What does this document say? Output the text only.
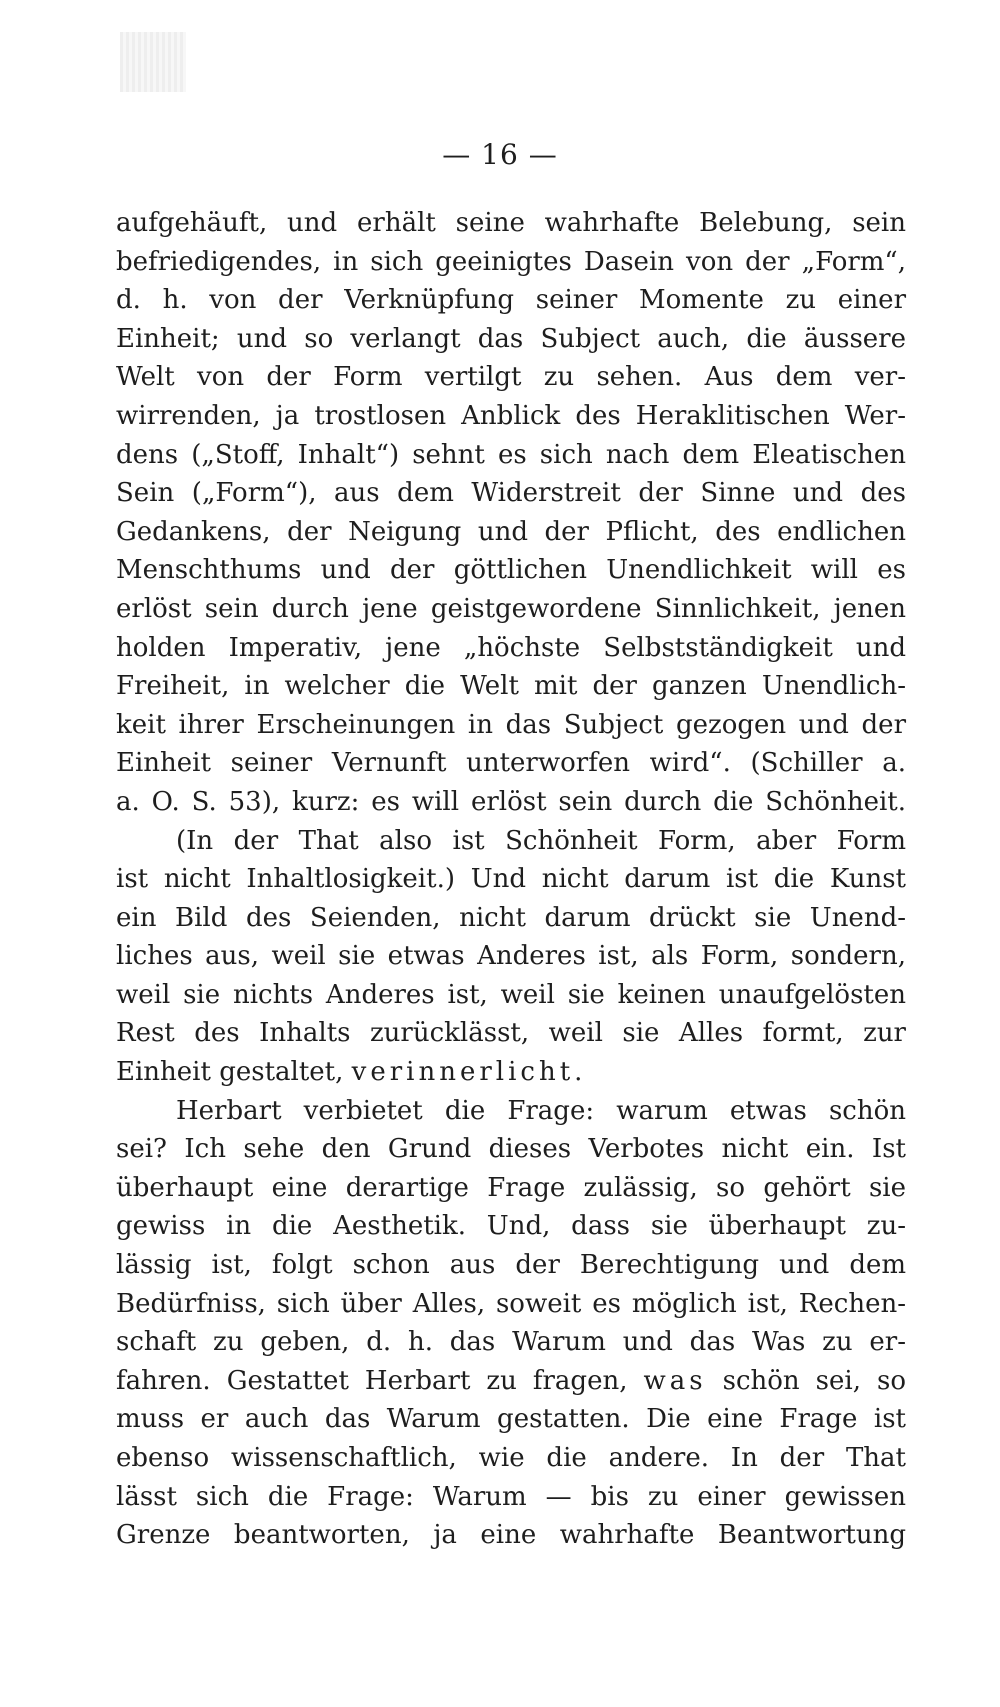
— 16 —
aufgehäuft, und erhält seine wahrhafte Belebung, sein
befriedigendes, in sich geeinigtes Dasein von der „Form“,
d. h. von der Verknüpfung seiner Momente zu einer
Einheit; und so verlangt das Subject auch, die äussere
Welt von der Form vertilgt zu sehen. Aus dem ver-
wirrenden, ja trostlosen Anblick des Heraklitischen Wer-
dens („Stoff, Inhalt“) sehnt es sich nach dem Eleatischen
Sein („Form“), aus dem Widerstreit der Sinne und des
Gedankens, der Neigung und der Pflicht, des endlichen
Menschthums und der göttlichen Unendlichkeit will es
erlöst sein durch jene geistgewordene Sinnlichkeit, jenen
holden Imperativ, jene „höchste Selbstständigkeit und
Freiheit, in welcher die Welt mit der ganzen Unendlich-
keit ihrer Erscheinungen in das Subject gezogen und der
Einheit seiner Vernunft unterworfen wird“. (Schiller a.
a. O. S. 53), kurz: es will erlöst sein durch die Schönheit.
(In der That also ist Schönheit Form, aber Form
ist nicht Inhaltlosigkeit.) Und nicht darum ist die Kunst
ein Bild des Seienden, nicht darum drückt sie Unend-
liches aus, weil sie etwas Anderes ist, als Form, sondern,
weil sie nichts Anderes ist, weil sie keinen unaufgelösten
Rest des Inhalts zurücklässt, weil sie Alles formt, zur
Einheit gestaltet, verinnerlicht.
Herbart verbietet die Frage: warum etwas schön
sei? Ich sehe den Grund dieses Verbotes nicht ein. Ist
überhaupt eine derartige Frage zulässig, so gehört sie
gewiss in die Aesthetik. Und, dass sie überhaupt zu-
lässig ist, folgt schon aus der Berechtigung und dem
Bedürfniss, sich über Alles, soweit es möglich ist, Rechen-
schaft zu geben, d. h. das Warum und das Was zu er-
fahren. Gestattet Herbart zu fragen, was schön sei, so
muss er auch das Warum gestatten. Die eine Frage ist
ebenso wissenschaftlich, wie die andere. In der That
lässt sich die Frage: Warum — bis zu einer gewissen
Grenze beantworten, ja eine wahrhafte Beantwortung
